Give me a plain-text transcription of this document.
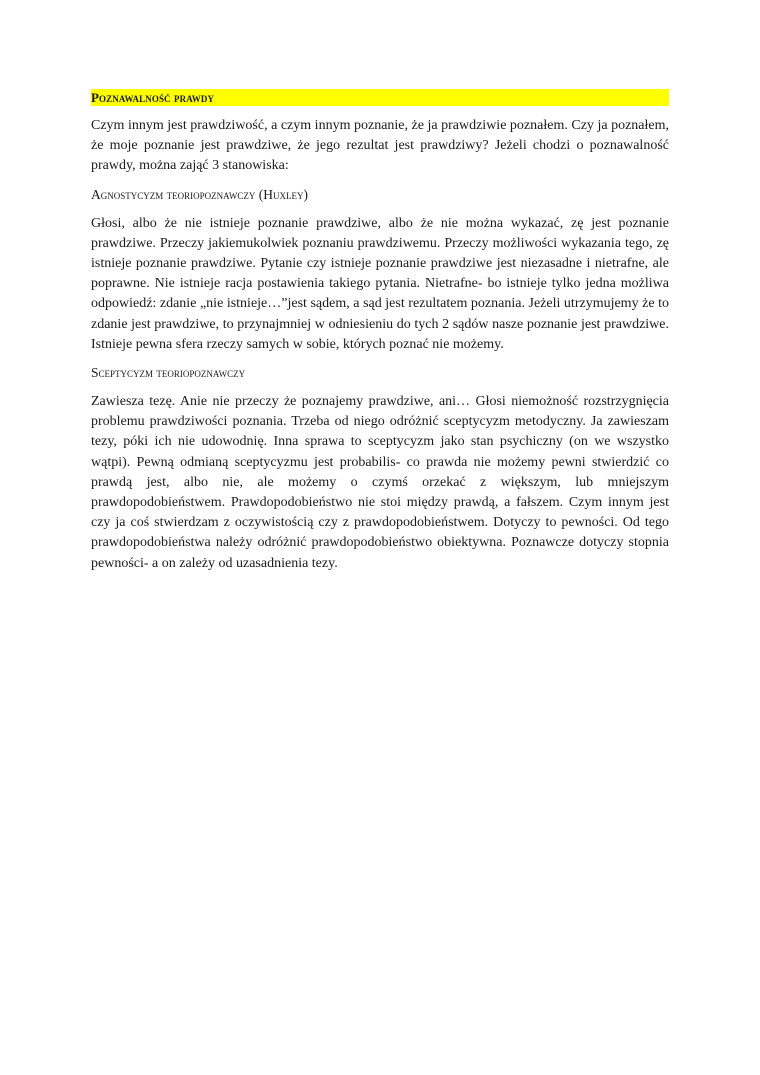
Poznawalność prawdy

Czym innym jest prawdziwość, a czym innym poznanie, że ja prawdziwie poznałem. Czy ja poznałem, że moje poznanie jest prawdziwe, że jego rezultat jest prawdziwy? Jeżeli chodzi o poznawalność prawdy, można zająć 3 stanowiska:

Agnostycyzm teoriopoznawczy (Huxley)

Głosi, albo że nie istnieje poznanie prawdziwe, albo że nie można wykazać, zę jest poznanie prawdziwe. Przeczy jakiemukolwiek poznaniu prawdziwemu. Przeczy możliwości wykazania tego, zę istnieje poznanie prawdziwe. Pytanie czy istnieje poznanie prawdziwe jest niezasadne i nietrafne, ale poprawne. Nie istnieje racja postawienia takiego pytania. Nietrafne- bo istnieje tylko jedna możliwa odpowiedź: zdanie „nie istnieje…”jest sądem, a sąd jest rezultatem poznania. Jeżeli utrzymujemy że to zdanie jest prawdziwe, to przynajmniej w odniesieniu do tych 2 sądów nasze poznanie jest prawdziwe. Istnieje pewna sfera rzeczy samych w sobie, których poznać nie możemy.

Sceptycyzm teoriopoznawczy

Zawiesza tezę. Anie nie przeczy że poznajemy prawdziwe, ani… Głosi niemożność rozstrzygnięcia problemu prawdziwości poznania. Trzeba od niego odróżnić sceptycyzm metodyczny. Ja zawieszam tezy, póki ich nie udowodnię. Inna sprawa to sceptycyzm jako stan psychiczny (on we wszystko wątpi). Pewną odmianą sceptycyzmu jest probabilis- co prawda nie możemy pewni stwierdzić co prawdą jest, albo nie, ale możemy o czymś orzekać z większym, lub mniejszym prawdopodobieństwem. Prawdopodobieństwo nie stoi między prawdą, a fałszem. Czym innym jest czy ja coś stwierdzam z oczywistością czy z prawdopodobieństwem. Dotyczy to pewności. Od tego prawdopodobieństwa należy odróżnić prawdopodobieństwo obiektywna. Poznawcze dotyczy stopnia pewności- a on zależy od uzasadnienia tezy.
